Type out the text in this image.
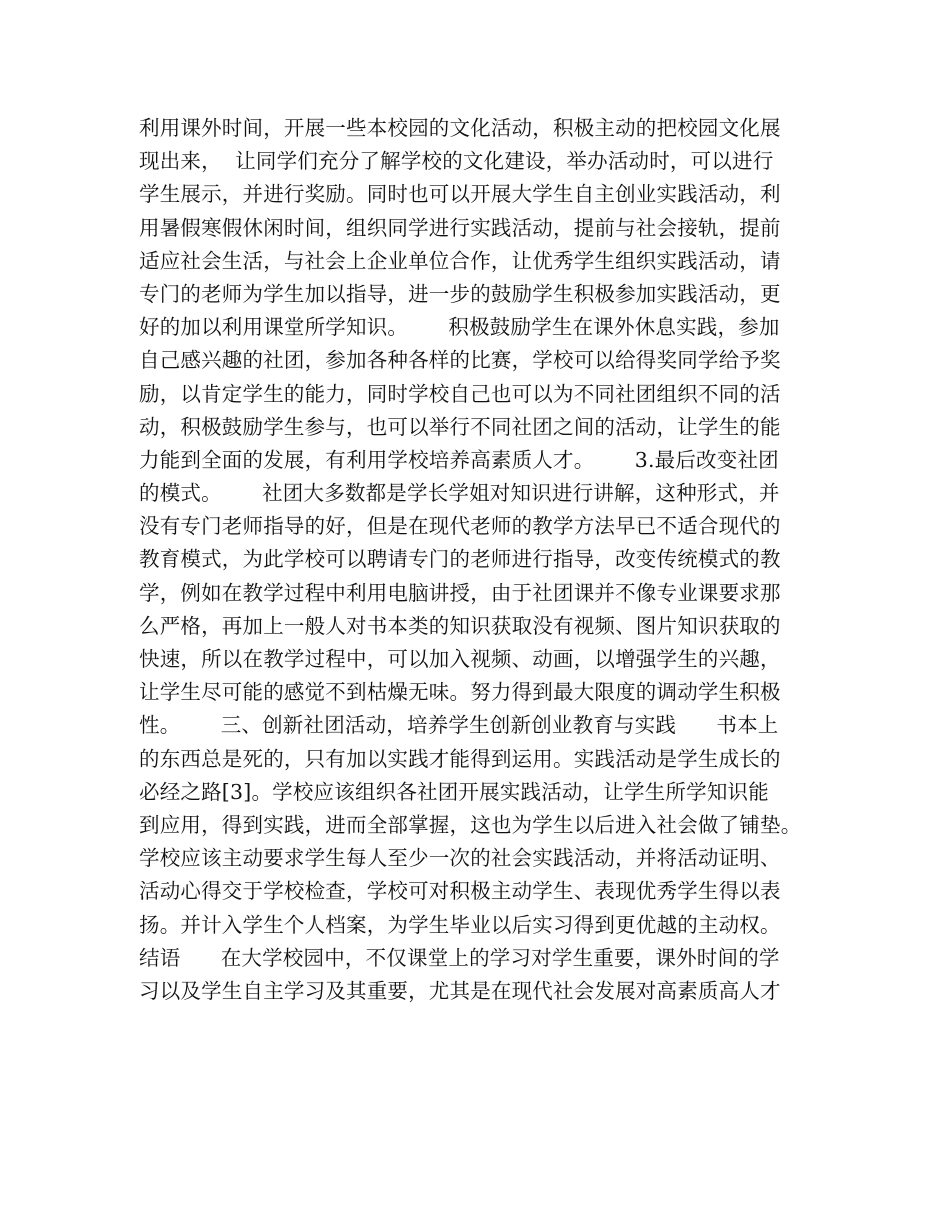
利用课外时间，开展一些本校园的文化活动，积极主动的把校园文化展
现出来，  让同学们充分了解学校的文化建设，举办活动时，可以进行
学生展示，并进行奖励。同时也可以开展大学生自主创业实践活动，利
用暑假寒假休闲时间，组织同学进行实践活动，提前与社会接轨，提前
适应社会生活，与社会上企业单位合作，让优秀学生组织实践活动，请
专门的老师为学生加以指导，进一步的鼓励学生积极参加实践活动，更
好的加以利用课堂所学知识。      积极鼓励学生在课外休息实践，参加
自己感兴趣的社团，参加各种各样的比赛，学校可以给得奖同学给予奖
励，以肯定学生的能力，同时学校自己也可以为不同社团组织不同的活
动，积极鼓励学生参与，也可以举行不同社团之间的活动，让学生的能
力能到全面的发展，有利用学校培养高素质人才。      3.最后改变社团
的模式。      社团大多数都是学长学姐对知识进行讲解，这种形式，并
没有专门老师指导的好，但是在现代老师的教学方法早已不适合现代的
教育模式，为此学校可以聘请专门的老师进行指导，改变传统模式的教
学，例如在教学过程中利用电脑讲授，由于社团课并不像专业课要求那
么严格，再加上一般人对书本类的知识获取没有视频、图片知识获取的
快速，所以在教学过程中，可以加入视频、动画，以增强学生的兴趣，
让学生尽可能的感觉不到枯燥无味。努力得到最大限度的调动学生积极
性。      三、创新社团活动，培养学生创新创业教育与实践      书本上
的东西总是死的，只有加以实践才能得到运用。实践活动是学生成长的
必经之路[3]。学校应该组织各社团开展实践活动，让学生所学知识能
到应用，得到实践，进而全部掌握，这也为学生以后进入社会做了铺垫。
学校应该主动要求学生每人至少一次的社会实践活动，并将活动证明、
活动心得交于学校检查，学校可对积极主动学生、表现优秀学生得以表
扬。并计入学生个人档案，为学生毕业以后实习得到更优越的主动权。
结语      在大学校园中，不仅课堂上的学习对学生重要，课外时间的学
习以及学生自主学习及其重要，尤其是在现代社会发展对高素质高人才
